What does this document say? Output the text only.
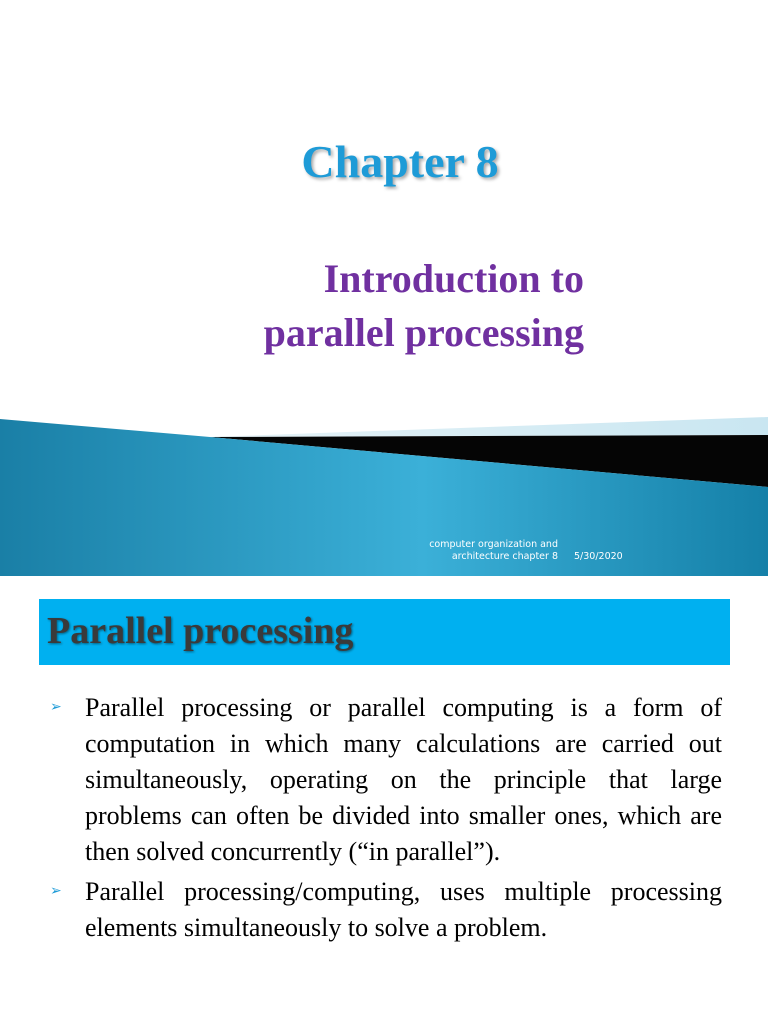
Chapter 8
Introduction to
parallel processing
computer organization and
architecture chapter 8 5/30/2020
Parallel processing
➢ Parallel processing or parallel computing is a form of computation in which many calculations are carried out simultaneously, operating on the principle that large problems can often be divided into smaller ones, which are then solved concurrently (“in parallel”).
➢ Parallel processing/computing, uses multiple processing elements simultaneously to solve a problem.
